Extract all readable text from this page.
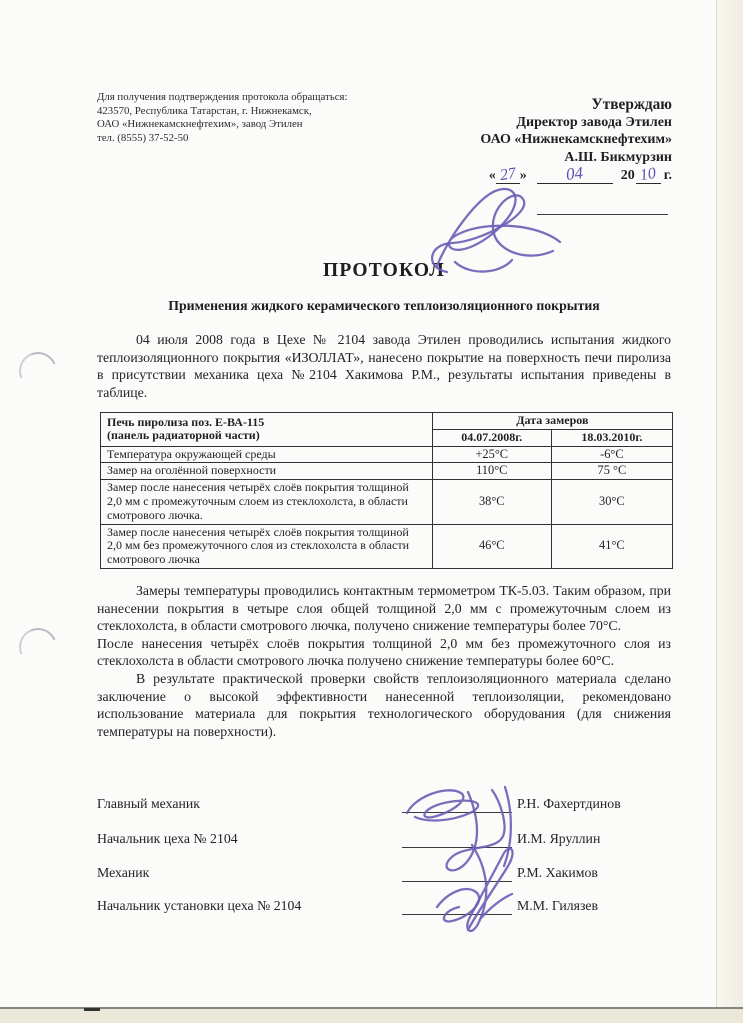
Для получения подтверждения протокола обращаться:
423570, Республика Татарстан, г. Нижнекамск,
ОАО «Нижнекамскнефтехим», завод Этилен
тел. (8555) 37-52-50
Утверждаю
Директор завода Этилен
ОАО «Нижнекамскнефтехим»
А.Ш. Бикмурзин
« 27 » 04	20 10 г.
ПРОТОКОЛ
Применения жидкого керамического теплоизоляционного покрытия

04 июля 2008 года в Цехе № 2104 завода Этилен проводились испытания жидкого теплоизоляционного покрытия «ИЗОЛЛАТ», нанесено покрытие на поверхность печи пиролиза в присутствии механика цеха №2104 Хакимова Р.М., результаты испытания приведены в таблице.

Печь пиролиза поз. Е-ВА-115
(панель радиаторной части)	Дата замеров	
	04.07.2008г.	18.03.2010г.
Температура окружающей среды	+25°С	-6°С
Замер на оголённой поверхности	110°С	75 °С
Замер после нанесения четырёх слоёв покрытия толщиной 2,0 мм с промежуточным слоем из стеклохолста, в области смотрового лючка.	38°С	30°С
Замер после нанесения четырёх слоёв покрытия толщиной 2,0 мм без промежуточного слоя из стеклохолста в области смотрового лючка	46°С	41°С

Замеры температуры проводились контактным термометром ТК-5.03. Таким образом, при нанесении покрытия в четыре слоя общей толщиной 2,0 мм с промежуточным слоем из стеклохолста, в области смотрового лючка, получено снижение температуры более 70°С.

После нанесения четырёх слоёв покрытия толщиной 2,0 мм без промежуточного слоя из стеклохолста в области смотрового лючка получено снижение температуры более 60°С.

В результате практической проверки свойств теплоизоляционного материала сделано заключение о высокой эффективности нанесенной теплоизоляции, рекомендовано использование материала для покрытия технологического оборудования (для снижения температуры на поверхности).

Главный механик	Р.Н. Фахертдинов
Начальник цеха № 2104	И.М. Яруллин
Механик	Р.М. Хакимов
Начальник установки цеха № 2104	М.М. Гилязев
